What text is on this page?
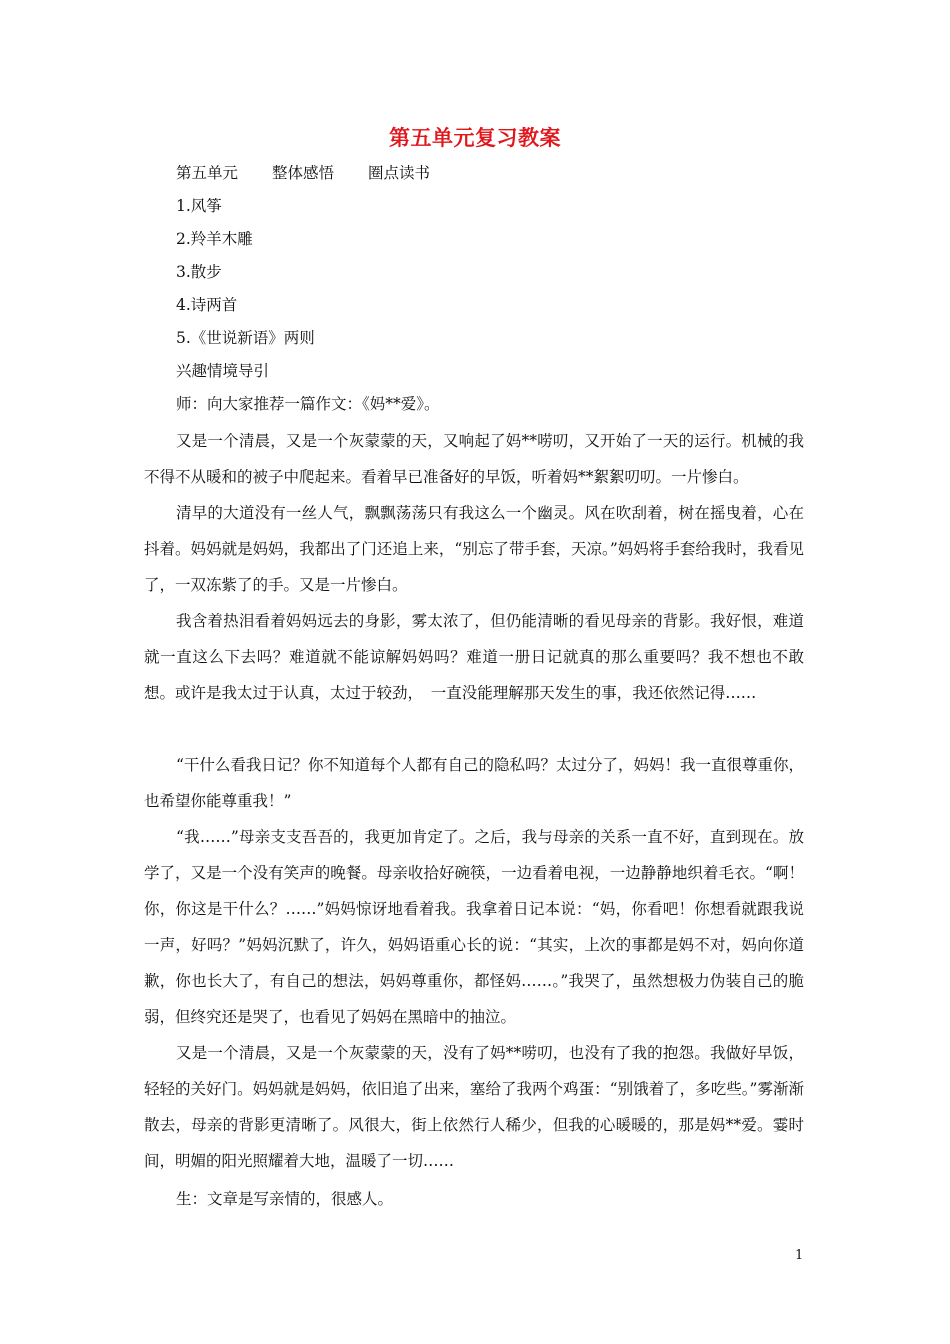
第五单元复习教案

第五单元 整体感悟 圈点读书

1.风筝

2.羚羊木雕

3.散步

4.诗两首

5.《世说新语》两则

兴趣情境导引

师：向大家推荐一篇作文：《妈**爱》。

又是一个清晨，又是一个灰蒙蒙的天，又响起了妈**唠叨，又开始了一天的运行。机械的我不得不从暖和的被子中爬起来。看着早已准备好的早饭，听着妈**絮絮叨叨。一片惨白。

清早的大道没有一丝人气，飘飘荡荡只有我这么一个幽灵。风在吹刮着，树在摇曳着，心在抖着。妈妈就是妈妈，我都出了门还追上来，“别忘了带手套，天凉。”妈妈将手套给我时，我看见了，一双冻紫了的手。又是一片惨白。

我含着热泪看着妈妈远去的身影，雾太浓了，但仍能清晰的看见母亲的背影。我好恨，难道就一直这么下去吗？难道就不能谅解妈妈吗？难道一册日记就真的那么重要吗？我不想也不敢想。或许是我太过于认真，太过于较劲，　一直没能理解那天发生的事，我还依然记得……

“干什么看我日记？你不知道每个人都有自己的隐私吗？太过分了，妈妈！我一直很尊重你，也希望你能尊重我！”

“我……”母亲支支吾吾的，我更加肯定了。之后，我与母亲的关系一直不好，直到现在。放学了，又是一个没有笑声的晚餐。母亲收拾好碗筷，一边看着电视，一边静静地织着毛衣。“啊！你，你这是干什么？……”妈妈惊讶地看着我。我拿着日记本说：“妈，你看吧！你想看就跟我说一声，好吗？”妈妈沉默了，许久，妈妈语重心长的说：“其实，上次的事都是妈不对，妈向你道歉，你也长大了，有自己的想法，妈妈尊重你，都怪妈……。”我哭了，虽然想极力伪装自己的脆弱，但终究还是哭了，也看见了妈妈在黑暗中的抽泣。

又是一个清晨，又是一个灰蒙蒙的天，没有了妈**唠叨，也没有了我的抱怨。我做好早饭，轻轻的关好门。妈妈就是妈妈，依旧追了出来，塞给了我两个鸡蛋：“别饿着了，多吃些。”雾渐渐散去，母亲的背影更清晰了。风很大，街上依然行人稀少，但我的心暖暖的，那是妈**爱。霎时间，明媚的阳光照耀着大地，温暖了一切……

生：文章是写亲情的，很感人。

1
